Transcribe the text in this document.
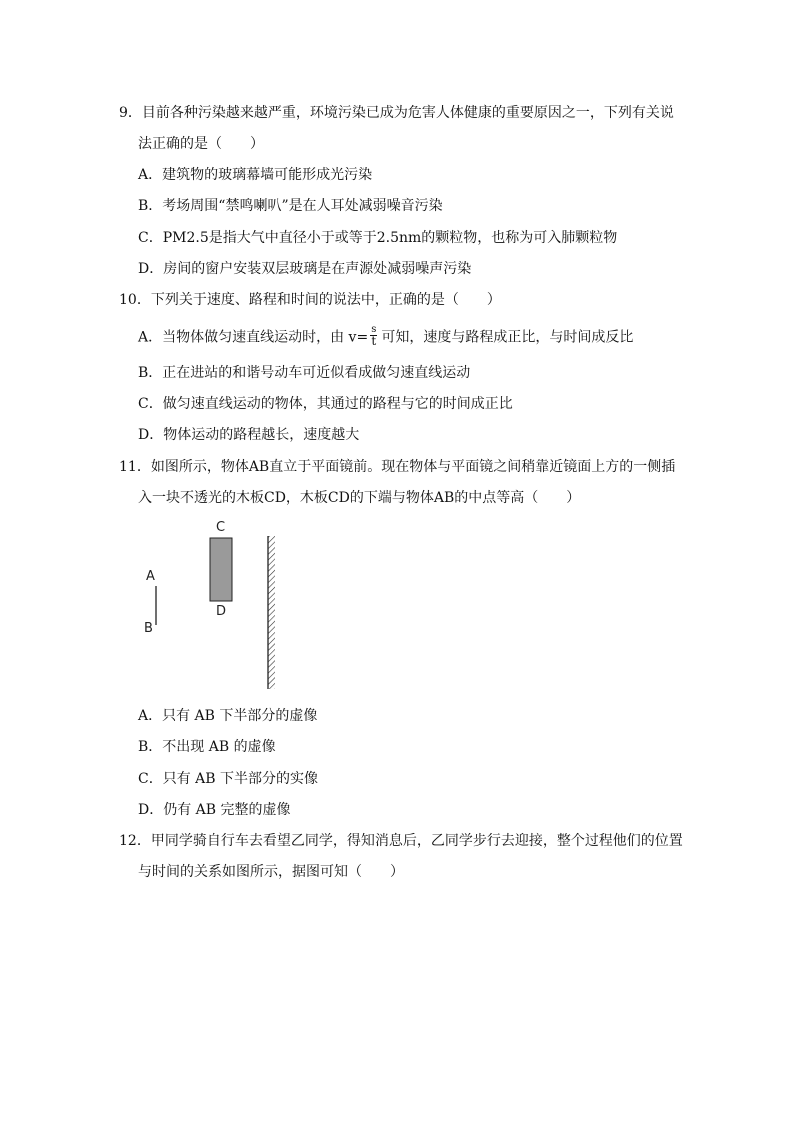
9．目前各种污染越来越严重，环境污染已成为危害人体健康的重要原因之一，下列有关说
法正确的是（　　）
A．建筑物的玻璃幕墙可能形成光污染
B．考场周围“禁鸣喇叭”是在人耳处减弱噪音污染
C．PM2.5是指大气中直径小于或等于2.5nm的颗粒物，也称为可入肺颗粒物
D．房间的窗户安装双层玻璃是在声源处减弱噪声污染
10．下列关于速度、路程和时间的说法中，正确的是（　　）
A．当物体做匀速直线运动时，由 $v= \frac{s}{t}$ 可知，速度与路程成正比，与时间成反比
B．正在进站的和谐号动车可近似看成做匀速直线运动
C．做匀速直线运动的物体，其通过的路程与它的时间成正比
D．物体运动的路程越长，速度越大
11．如图所示，物体AB直立于平面镜前。现在物体与平面镜之间稍靠近镜面上方的一侧插
入一块不透光的木板CD，木板CD的下端与物体AB的中点等高（　　）
A
B
C
D
A．只有 AB 下半部分的虚像
B．不出现 AB 的虚像
C．只有 AB 下半部分的实像
D．仍有 AB 完整的虚像
12．甲同学骑自行车去看望乙同学，得知消息后，乙同学步行去迎接，整个过程他们的位置
与时间的关系如图所示，据图可知（　　）
